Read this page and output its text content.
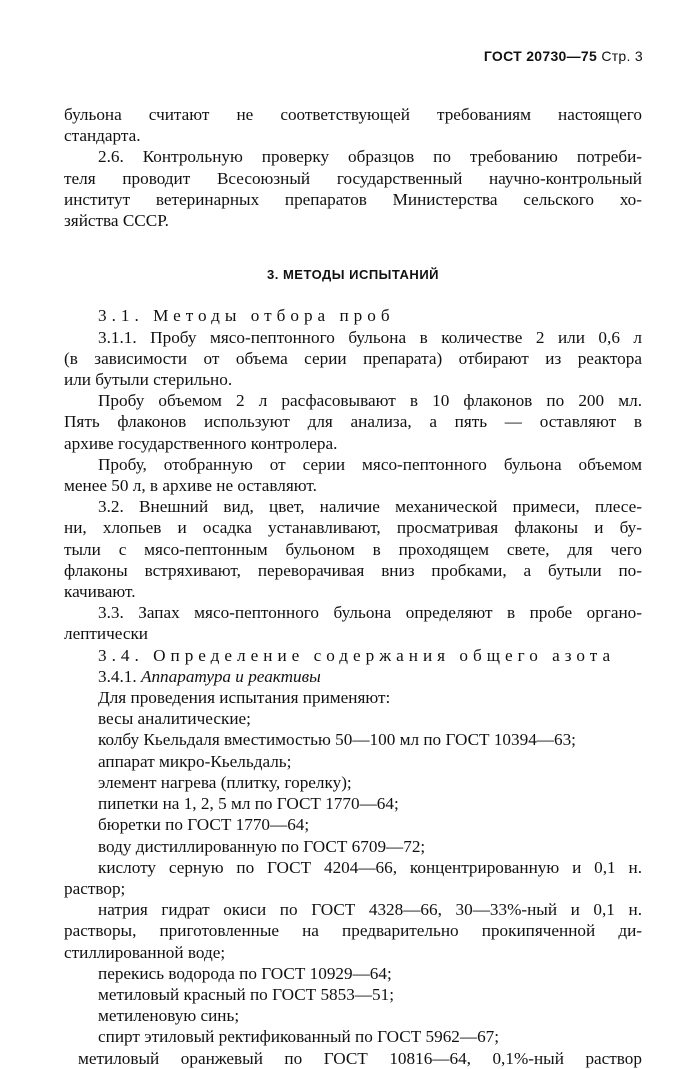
ГОСТ 20730—75 Стр. 3

бульона считают не соответствующей требованиям настоящего

стандарта.

2.6. Контрольную проверку образцов по требованию потреби-

теля проводит Всесоюзный государственный научно-контрольный

институт ветеринарных препаратов Министерства сельского хо-

зяйства СССР.

3. МЕТОДЫ ИСПЫТАНИЙ

3.1. Методы отбора проб

3.1.1. Пробу мясо-пептонного бульона в количестве 2 или 0,6 л

(в зависимости от объема серии препарата) отбирают из реактора

или бутыли стерильно.

Пробу объемом 2 л расфасовывают в 10 флаконов по 200 мл.

Пять флаконов используют для анализа, а пять — оставляют в

архиве государственного контролера.

Пробу, отобранную от серии мясо-пептонного бульона объемом

менее 50 л, в архиве не оставляют.

3.2. Внешний вид, цвет, наличие механической примеси, плесе-

ни, хлопьев и осадка устанавливают, просматривая флаконы и бу-

тыли с мясо-пептонным бульоном в проходящем свете, для чего

флаконы встряхивают, переворачивая вниз пробками, а бутыли по-

качивают.

3.3. Запах мясо-пептонного бульона определяют в пробе органо-

лептически

3.4. Определение содержания общего азота

3.4.1. Аппаратура и реактивы

Для проведения испытания применяют:

весы аналитические;

колбу Кьельдаля вместимостью 50—100 мл по ГОСТ 10394—63;

аппарат микро-Кьельдаль;

элемент нагрева (плитку, горелку);

пипетки на 1, 2, 5 мл по ГОСТ 1770—64;

бюретки по ГОСТ 1770—64;

воду дистиллированную по ГОСТ 6709—72;

кислоту серную по ГОСТ 4204—66, концентрированную и 0,1 н.

раствор;

натрия гидрат окиси по ГОСТ 4328—66, 30—33%-ный и 0,1 н.

растворы, приготовленные на предварительно прокипяченной ди-

стиллированной воде;

перекись водорода по ГОСТ 10929—64;

метиловый красный по ГОСТ 5853—51;

метиленовую синь;

спирт этиловый ректификованный по ГОСТ 5962—67;

метиловый оранжевый по ГОСТ 10816—64, 0,1%-ный раствор
